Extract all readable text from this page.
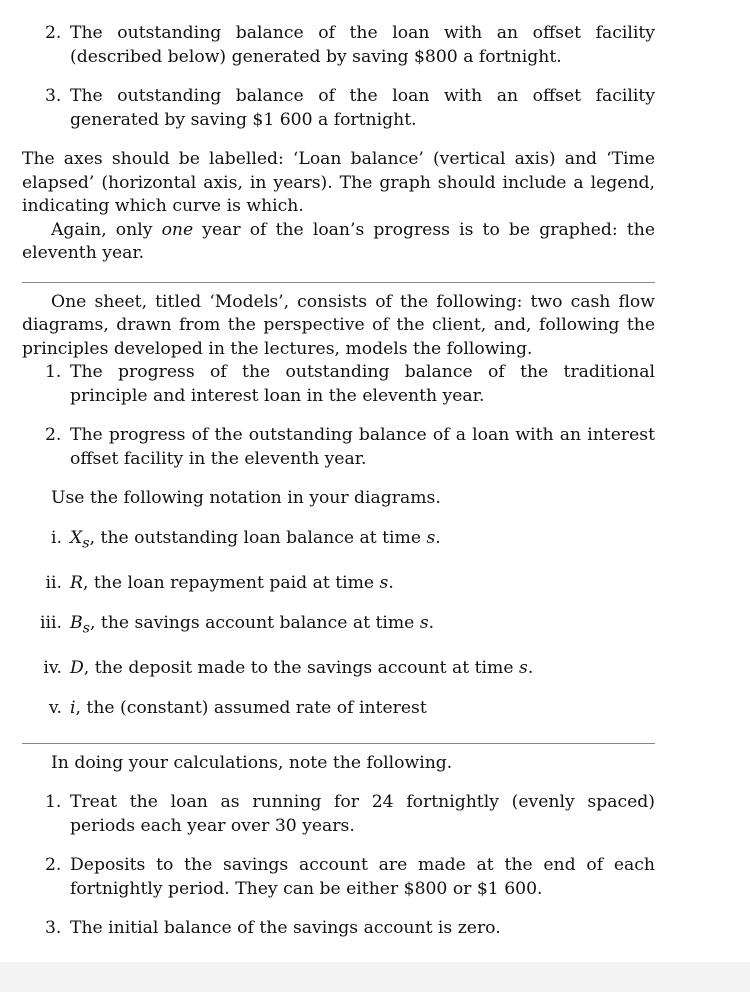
2. The outstanding balance of the loan with an offset facility (described below) generated by saving $800 a fortnight.

3. The outstanding balance of the loan with an offset facility generated by saving $1 600 a fortnight.

The axes should be labelled: ‘Loan balance’ (vertical axis) and ‘Time elapsed’ (horizontal axis, in years). The graph should include a legend, indicating which curve is which.

Again, only one year of the loan’s progress is to be graphed: the eleventh year.

One sheet, titled ‘Models’, consists of the following: two cash flow diagrams, drawn from the perspective of the client, and, following the principles developed in the lectures, models the following.

1. The progress of the outstanding balance of the traditional principle and interest loan in the eleventh year.

2. The progress of the outstanding balance of a loan with an interest offset facility in the eleventh year.

Use the following notation in your diagrams.

i. $X_s$, the outstanding loan balance at time s.

ii. R, the loan repayment paid at time s.

iii. $B_s$, the savings account balance at time s.

iv. D, the deposit made to the savings account at time s.

v. i, the (constant) assumed rate of interest

In doing your calculations, note the following.

1. Treat the loan as running for 24 fortnightly (evenly spaced) periods each year over 30 years.

2. Deposits to the savings account are made at the end of each fortnightly period. They can be either $800 or $1 600.

3. The initial balance of the savings account is zero.
